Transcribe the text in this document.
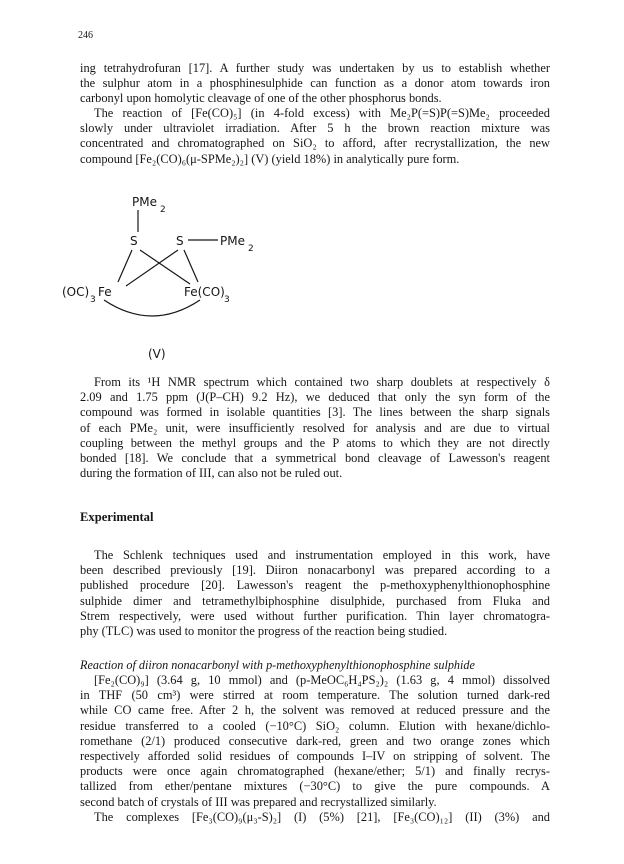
246

ing tetrahydrofuran [17]. A further study was undertaken by us to establish whether
the sulphur atom in a phosphinesulphide can function as a donor atom towards iron
carbonyl upon homolytic cleavage of one of the other phosphorus bonds.

The reaction of [Fe(CO)₅] (in 4-fold excess) with Me₂P(=S)P(=S)Me₂ proceeded
slowly under ultraviolet irradiation. After 5 h the brown reaction mixture was
concentrated and chromatographed on SiO₂ to afford, after recrystallization, the new
compound [Fe₂(CO)₆(μ-SPMe₂)₂] (V) (yield 18%) in analytically pure form.

PMe
2
S	S	PMe
2
(OC)
3
Fe	Fe(CO)
3
(V)

From its ¹H NMR spectrum which contained two sharp doublets at respectively δ
2.09 and 1.75 ppm (J(P–CH) 9.2 Hz), we deduced that only the syn form of the
compound was formed in isolable quantities [3]. The lines between the sharp signals
of each PMe₂ unit, were insufficiently resolved for analysis and are due to virtual
coupling between the methyl groups and the P atoms to which they are not directly
bonded [18]. We conclude that a symmetrical bond cleavage of Lawesson's reagent
during the formation of III, can also not be ruled out.

Experimental

The Schlenk techniques used and instrumentation employed in this work, have
been described previously [19]. Diiron nonacarbonyl was prepared according to a
published procedure [20]. Lawesson's reagent the p-methoxyphenylthionophosphine
sulphide dimer and tetramethylbiphosphine disulphide, purchased from Fluka and
Strem respectively, were used without further purification. Thin layer chromatogra-
phy (TLC) was used to monitor the progress of the reaction being studied.

Reaction of diiron nonacarbonyl with p-methoxyphenylthionophosphine sulphide

[Fe₂(CO)₉] (3.64 g, 10 mmol) and (p-MeOC₆H₄PS₂)₂ (1.63 g, 4 mmol) dissolved
in THF (50 cm³) were stirred at room temperature. The solution turned dark-red
while CO came free. After 2 h, the solvent was removed at reduced pressure and the
residue transferred to a cooled (−10°C) SiO₂ column. Elution with hexane/dichlo-
romethane (2/1) produced consecutive dark-red, green and two orange zones which
respectively afforded solid residues of compounds I–IV on stripping of solvent. The
products were once again chromatographed (hexane/ether; 5/1) and finally recrys-
tallized from ether/pentane mixtures (−30°C) to give the pure compounds. A
second batch of crystals of III was prepared and recrystallized similarly.
The complexes [Fe₃(CO)₉(μ₃-S)₂] (I) (5%) [21], [Fe₃(CO)₁₂] (II) (3%) and
